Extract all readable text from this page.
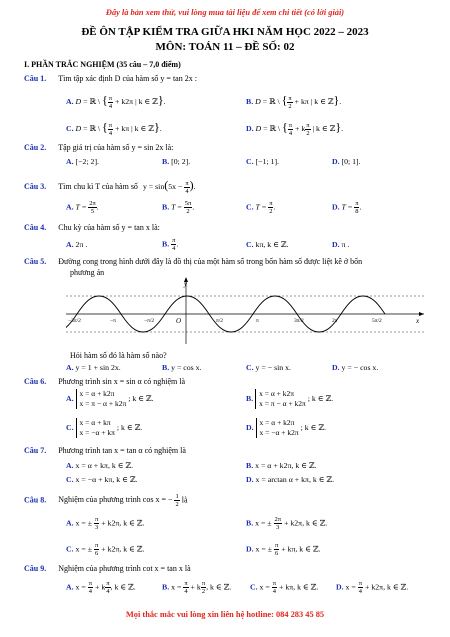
Đây là bản xem thử, vui lòng mua tài liệu để xem chi tiết (có lời giải)
ĐỀ ÔN TẬP KIỂM TRA GIỮA HKI NĂM HỌC 2022 – 2023
MÔN: TOÁN 11 – ĐỀ SỐ: 02
I. PHẦN TRẮC NGHIỆM (35 câu – 7,0 điểm)
Câu 1. Tìm tập xác định D của hàm số y = tan 2x :
A. D = ℝ \ { $\frac{\pi}{4} + k2\pi$ | k ∈ ℤ}.	B. D = ℝ \ { $\frac{\pi}{2} + k\pi$ | k ∈ ℤ}.
C. D = ℝ \ { $\frac{\pi}{4} + k\pi$ | k ∈ ℤ}.	D. D = ℝ \ { $\frac{\pi}{4} + k \frac{\pi}{2}$ | k ∈ ℤ}.
Câu 2. Tập giá trị của hàm số y = sin 2x là:
A. [−2; 2].	B. [0; 2].	C. [−1; 1].	D. [0; 1].
Câu 3. Tìm chu kì T của hàm số $y = \sin(5x - \frac{\pi}{4}$ ).
A. $T = \frac{2\pi}{5}$ .	B. $T = \frac{5\pi}{2}$ .	C. $T = \frac{\pi}{2}$ .	D. $T = \frac{\pi}{8}$ .
Câu 4. Chu kỳ của hàm số y = tan x là:
A. 2π .	B. $\frac{\pi}{4}$ .	C. kπ, k ∈ ℤ.	D. π .
Câu 5. Đường cong trong hình dưới đây là đồ thị của một hàm số trong bốn hàm số được liệt kê ở bốn
phương án
y
x
O
−3π/2	−π	−π/2	π/2	π	3π/2	2π	5π/2
Hỏi hàm số đó là hàm số nào?
A. y = 1 + sin 2x.	B. y = cos x.	C. y = − sin x.	D. y = − cos x.
Câu 6. Phương trình sin x = sin α có nghiệm là
A. x = α + k2π
x = π − α + k2π ; k ∈ ℤ.	B. x = α + k2π
x = π − α + k2π ; k ∈ ℤ.
C. x = α + kπ
x = −α + kπ ; k ∈ ℤ.	D. x = α + k2π
x = −α + k2π ; k ∈ ℤ.
Câu 7. Phương trình tan x = tan α có nghiệm là
A. x = α + kπ, k ∈ ℤ.	B. x = α + k2π, k ∈ ℤ.
C. x = −α + kπ, k ∈ ℤ.	D. x = arctan α + kπ, k ∈ ℤ.
Câu 8. Nghiệm của phương trình cos x = − $\frac{1}{2}$ là
A. x = ± $\frac{\pi}{3} + k2\pi$, k ∈ ℤ.	B. x = ± $\frac{2\pi}{3} + k2\pi$, k ∈ ℤ.
C. x = ± $\frac{\pi}{6} + k2\pi$, k ∈ ℤ.	D. x = ± $\frac{\pi}{6} + k\pi$, k ∈ ℤ.
Câu 9. Nghiệm của phương trình cot x = tan x là
A. $x = \frac{\pi}{4} + k \frac{\pi}{4}$ , k ∈ ℤ.	B. $x = \frac{\pi}{4} + k \frac{\pi}{2}$ , k ∈ ℤ. C. $x = \frac{\pi}{4} + k\pi$, k ∈ ℤ. D. $x = \frac{\pi}{4} + k2\pi$, k ∈ ℤ.
Mọi thắc mắc vui lòng xin liên hệ hotline: 084 283 45 85
